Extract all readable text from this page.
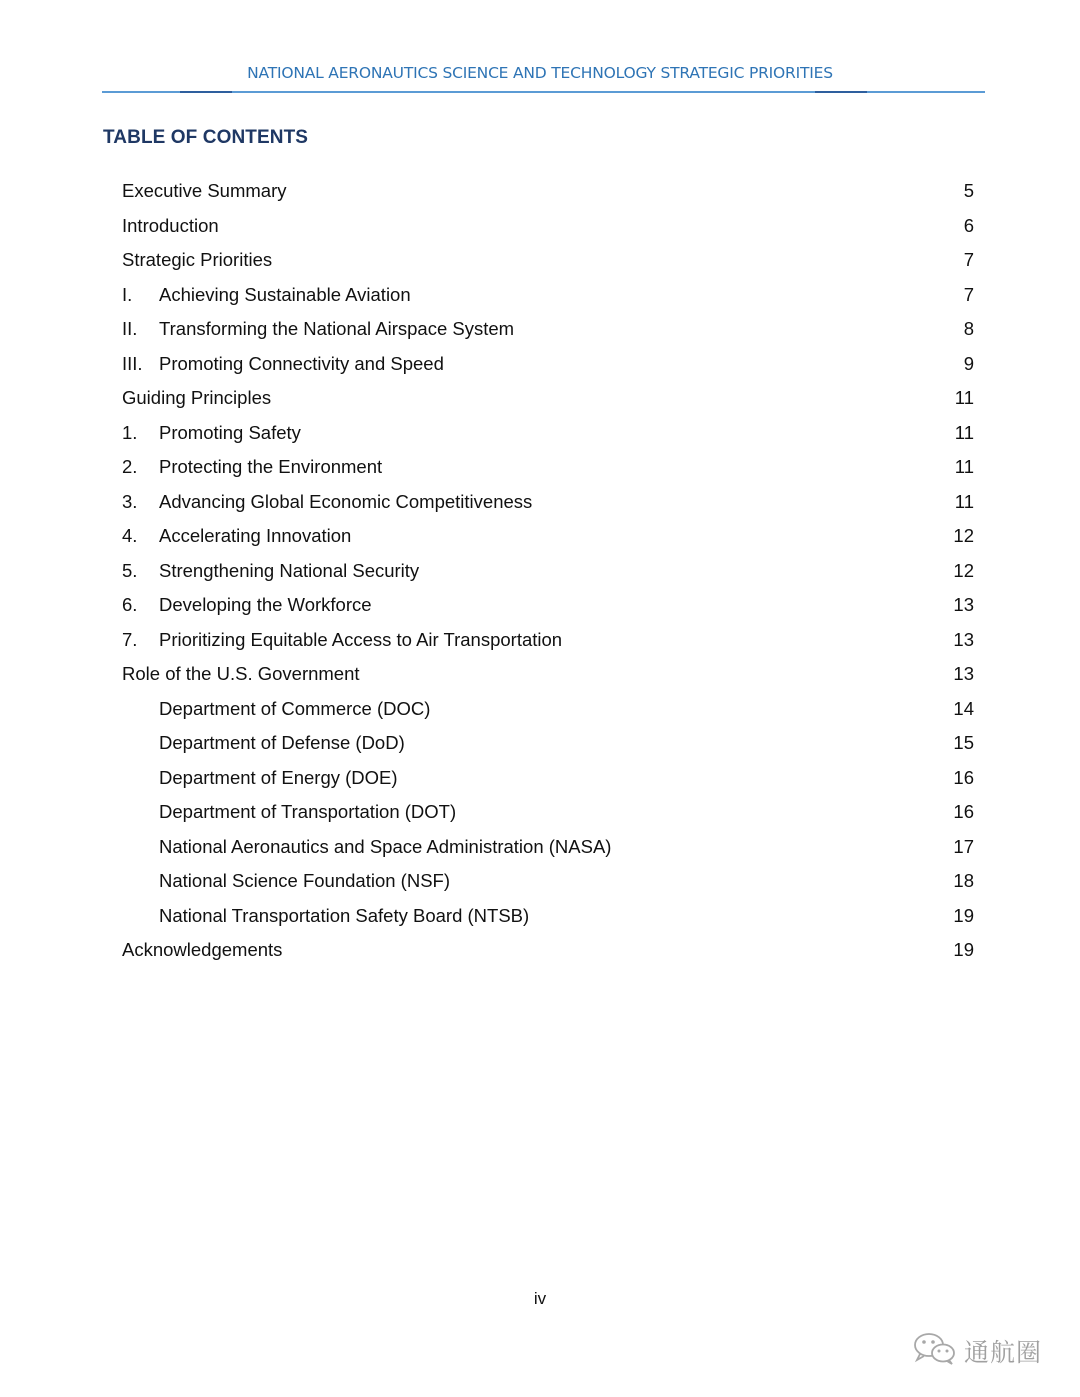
NATIONAL AERONAUTICS SCIENCE AND TECHNOLOGY STRATEGIC PRIORITIES
TABLE OF CONTENTS
Executive Summary	5
Introduction	6
Strategic Priorities	7
I.	Achieving Sustainable Aviation	7
II.	Transforming the National Airspace System	8
III. Promoting Connectivity and Speed	9
Guiding Principles	11
1.	Promoting Safety	11
2.	Protecting the Environment	11
3.	Advancing Global Economic Competitiveness	11
4.	Accelerating Innovation	12
5.	Strengthening National Security	12
6.	Developing the Workforce	13
7.	Prioritizing Equitable Access to Air Transportation	13
Role of the U.S. Government	13
Department of Commerce (DOC)	14
Department of Defense (DoD)	15
Department of Energy (DOE)	16
Department of Transportation (DOT)	16
National Aeronautics and Space Administration (NASA)	17
National Science Foundation (NSF)	18
National Transportation Safety Board (NTSB)	19
Acknowledgements	19
iv
通航圈
